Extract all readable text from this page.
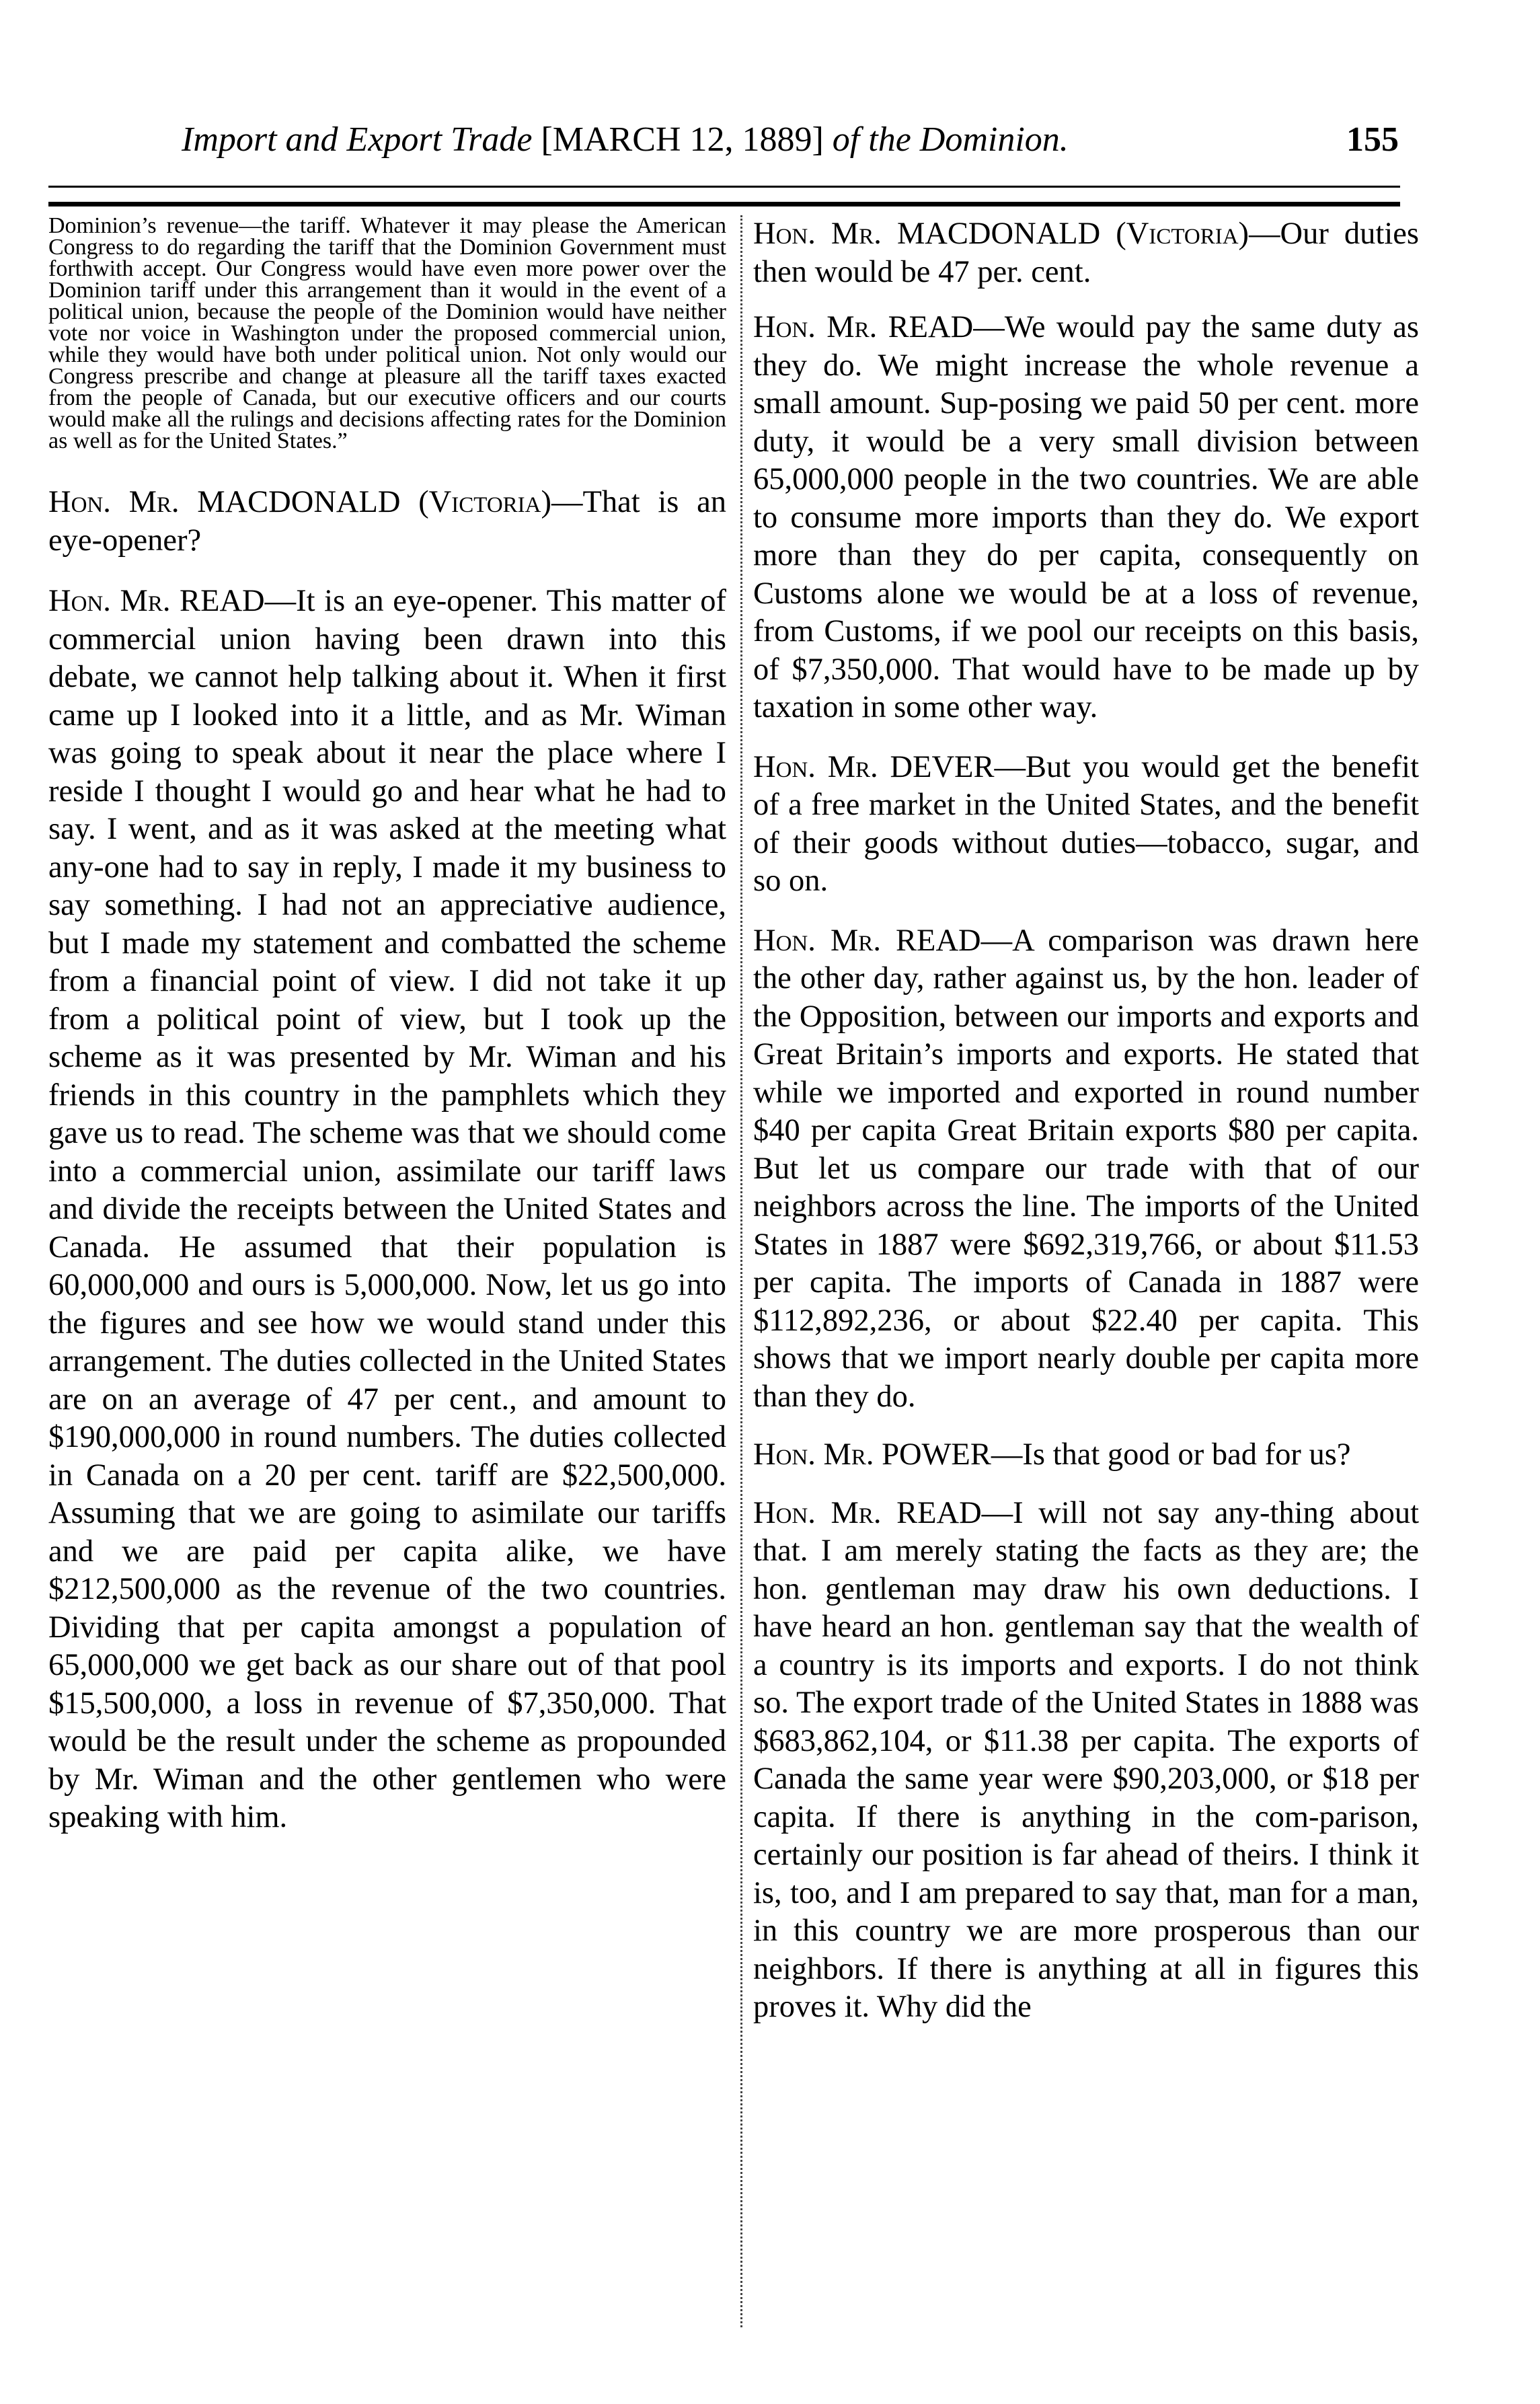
Import and Export Trade [MARCH 12, 1889] of the Dominion.	155

Dominion’s revenue—the tariff. Whatever it may please the American Congress to do regarding the tariff that the Dominion Government must forthwith accept. Our Congress would have even more power over the Dominion tariff under this arrangement than it would in the event of a political union, because the people of the Dominion would have neither vote nor voice in Washington under the proposed commercial union, while they would have both under political union. Not only would our Congress prescribe and change at pleasure all the tariff taxes exacted from the people of Canada, but our executive officers and our courts would make all the rulings and decisions affecting rates for the Dominion as well as for the United States.”

Hon. Mr. MACDONALD (Victoria)—That is an eye-opener?

Hon. Mr. READ—It is an eye-opener. This matter of commercial union having been drawn into this debate, we cannot help talking about it. When it first came up I looked into it a little, and as Mr. Wiman was going to speak about it near the place where I reside I thought I would go and hear what he had to say. I went, and as it was asked at the meeting what any-one had to say in reply, I made it my business to say something. I had not an appreciative audience, but I made my statement and combatted the scheme from a financial point of view. I did not take it up from a political point of view, but I took up the scheme as it was presented by Mr. Wiman and his friends in this country in the pamphlets which they gave us to read. The scheme was that we should come into a commercial union, assimilate our tariff laws and divide the receipts between the United States and Canada. He assumed that their population is 60,000,000 and ours is 5,000,000. Now, let us go into the figures and see how we would stand under this arrangement. The duties collected in the United States are on an average of 47 per cent., and amount to $190,000,000 in round numbers. The duties collected in Canada on a 20 per cent. tariff are $22,500,000. Assuming that we are going to asimilate our tariffs and we are paid per capita alike, we have $212,500,000 as the revenue of the two countries. Dividing that per capita amongst a population of 65,000,000 we get back as our share out of that pool $15,500,000, a loss in revenue of $7,350,000. That would be the result under the scheme as propounded by Mr. Wiman and the other gentlemen who were speaking with him.

Hon. Mr. MACDONALD (Victoria)—Our duties then would be 47 per. cent.

Hon. Mr. READ—We would pay the same duty as they do. We might increase the whole revenue a small amount. Sup-posing we paid 50 per cent. more duty, it would be a very small division between 65,000,000 people in the two countries. We are able to consume more imports than they do. We export more than they do per capita, consequently on Customs alone we would be at a loss of revenue, from Customs, if we pool our receipts on this basis, of $7,350,000. That would have to be made up by taxation in some other way.

Hon. Mr. DEVER—But you would get the benefit of a free market in the United States, and the benefit of their goods without duties—tobacco, sugar, and so on.

Hon. Mr. READ—A comparison was drawn here the other day, rather against us, by the hon. leader of the Opposition, between our imports and exports and Great Britain’s imports and exports. He stated that while we imported and exported in round number $40 per capita Great Britain exports $80 per capita. But let us compare our trade with that of our neighbors across the line. The imports of the United States in 1887 were $692,319,766, or about $11.53 per capita. The imports of Canada in 1887 were $112,892,236, or about $22.40 per capita. This shows that we import nearly double per capita more than they do.

Hon. Mr. POWER—Is that good or bad for us?

Hon. Mr. READ—I will not say any-thing about that. I am merely stating the facts as they are; the hon. gentleman may draw his own deductions. I have heard an hon. gentleman say that the wealth of a country is its imports and exports. I do not think so. The export trade of the United States in 1888 was $683,862,104, or $11.38 per capita. The exports of Canada the same year were $90,203,000, or $18 per capita. If there is anything in the com-parison, certainly our position is far ahead of theirs. I think it is, too, and I am prepared to say that, man for a man, in this country we are more prosperous than our neighbors. If there is anything at all in figures this proves it. Why did the
